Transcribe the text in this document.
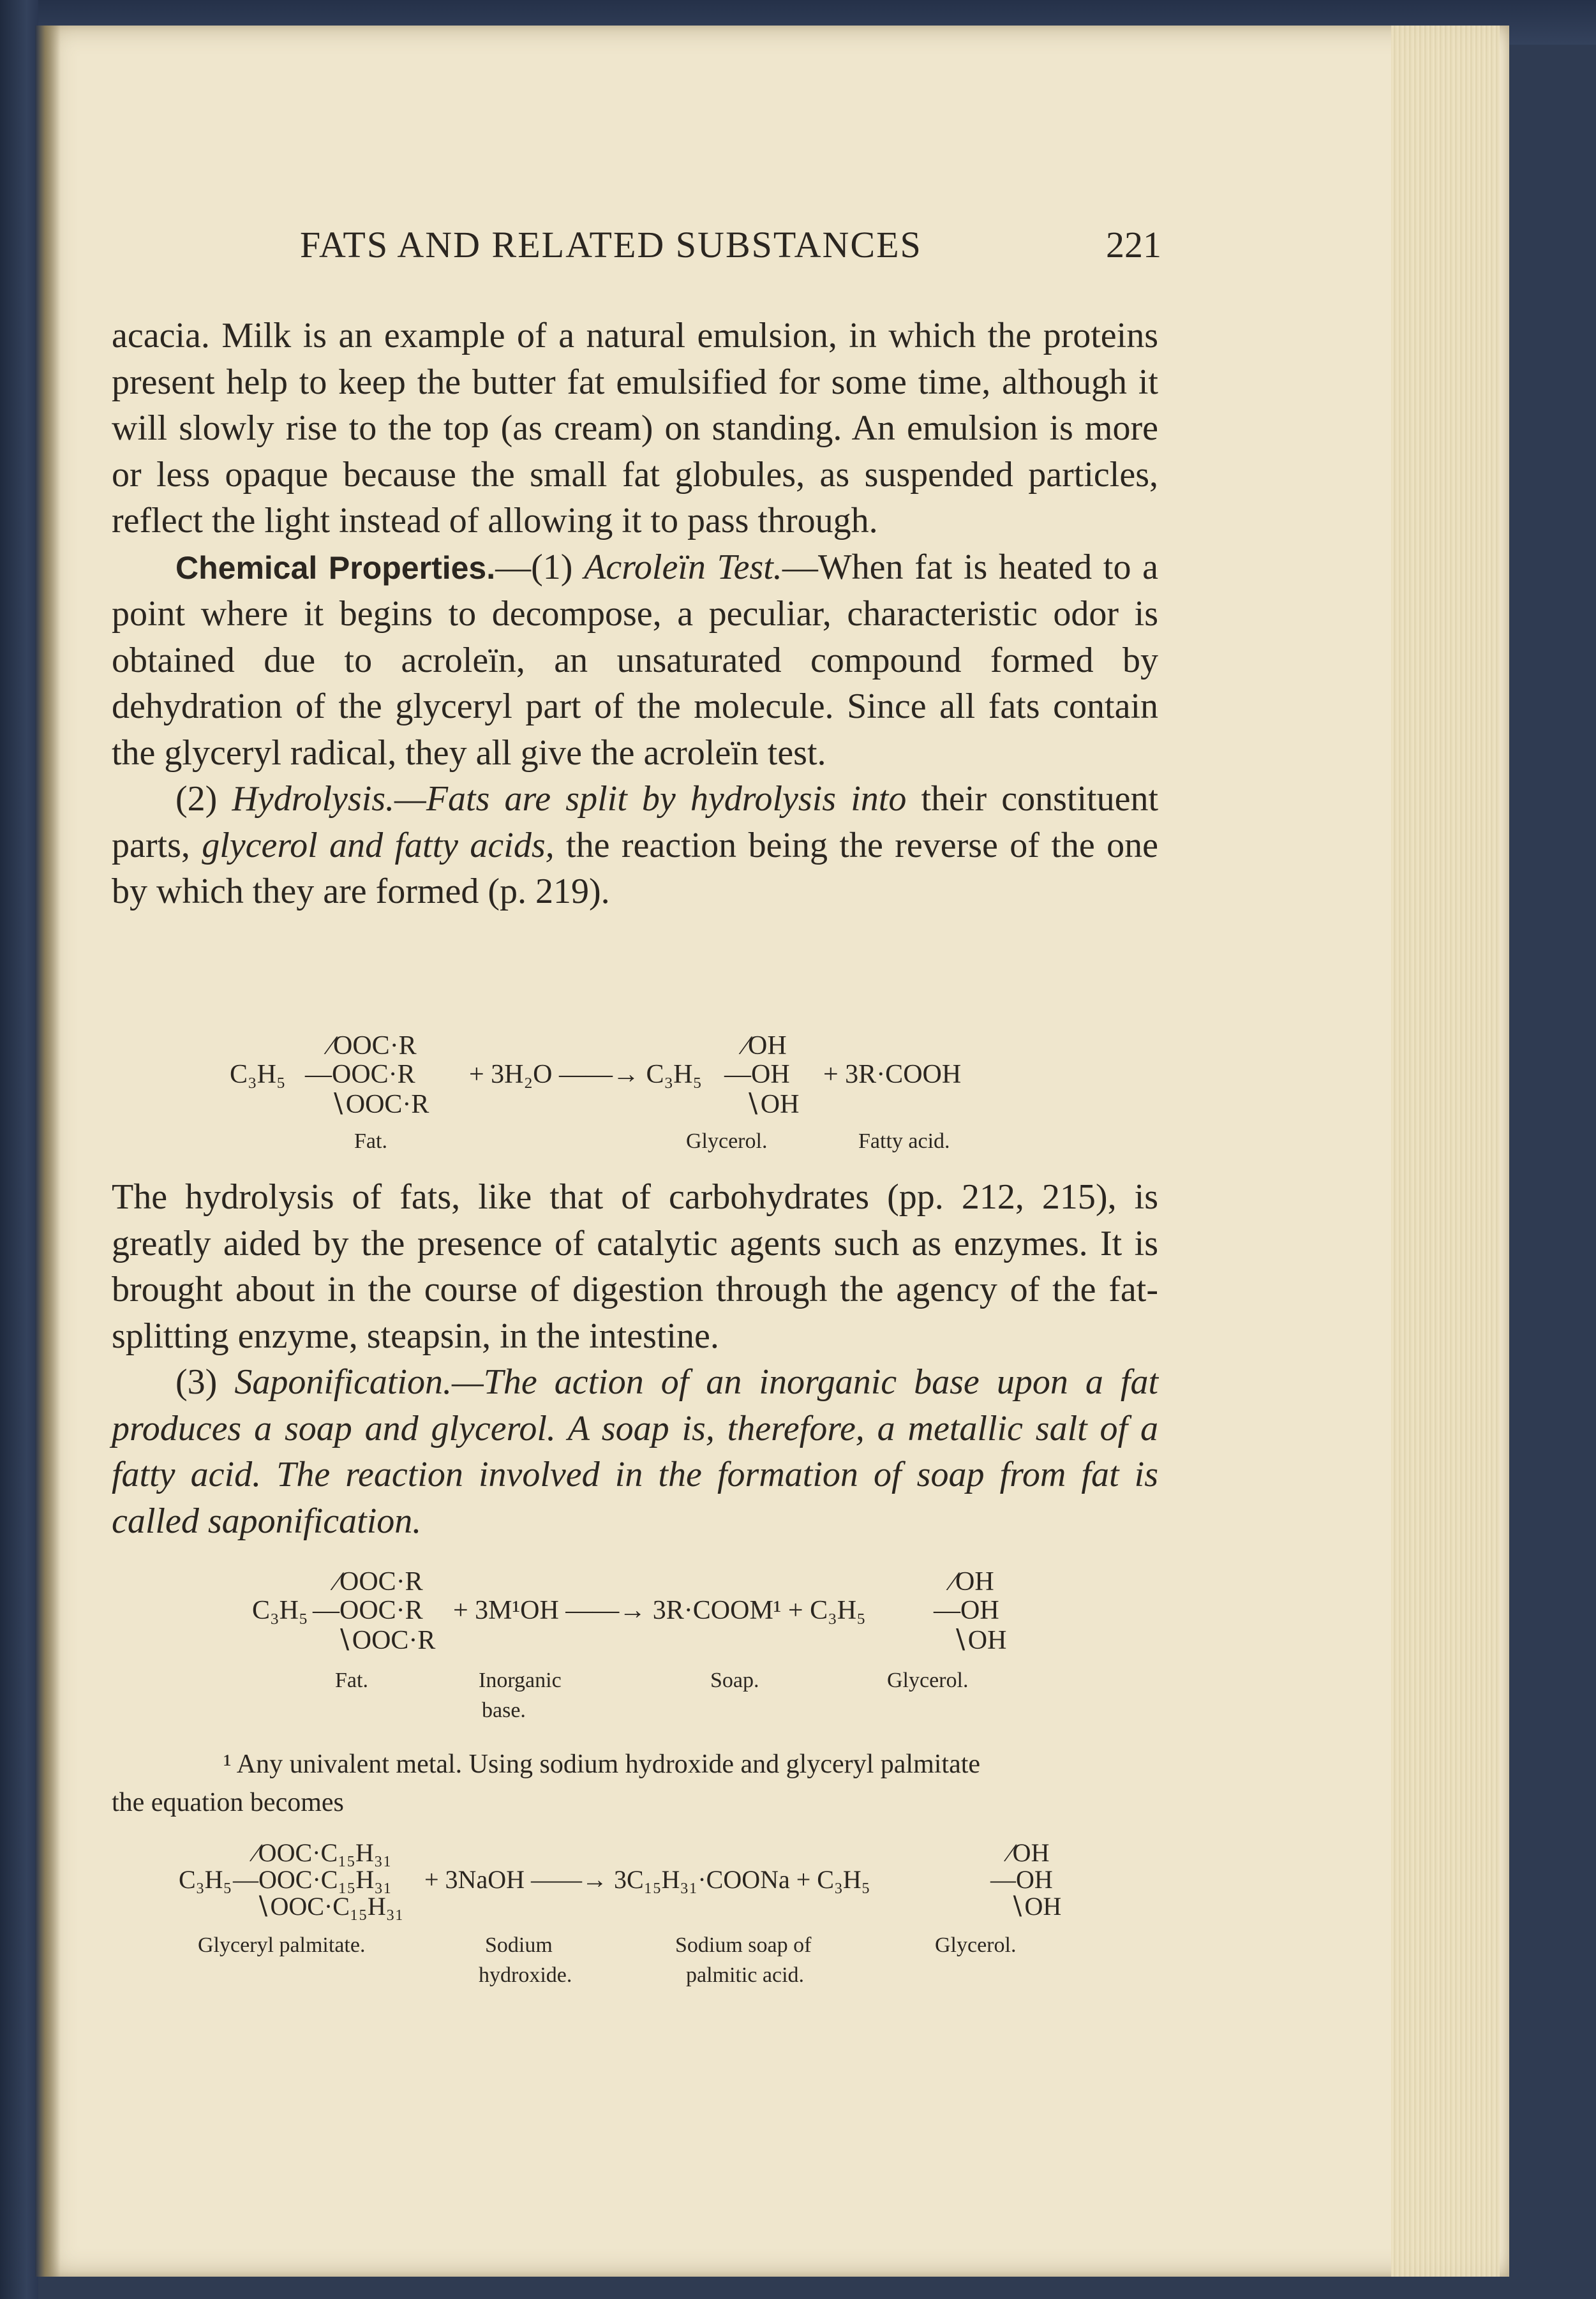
FATS AND RELATED SUBSTANCES	221

acacia. Milk is an example of a natural emulsion, in which the proteins present help to keep the butter fat emulsified for some time, although it will slowly rise to the top (as cream) on standing. An emulsion is more or less opaque because the small fat globules, as suspended particles, reflect the light instead of allowing it to pass through.

Chemical Properties.—(1) Acroleïn Test.—When fat is heated to a point where it begins to decompose, a peculiar, characteristic odor is obtained due to acroleïn, an unsaturated compound formed by dehydration of the glyceryl part of the molecule. Since all fats contain the glyceryl radical, they all give the acroleïn test.

(2) Hydrolysis.—Fats are split by hydrolysis into their constituent parts, glycerol and fatty acids, the reaction being the reverse of the one by which they are formed (p. 219).

∕OOC·R
C₃H₅ —OOC·R
∖OOC·R
+ 3H₂O ——→ C₃H₅
∕OH
—OH
∖OH
+ 3R·COOH
Fat.	Glycerol.	Fatty acid.

The hydrolysis of fats, like that of carbohydrates (pp. 212, 215), is greatly aided by the presence of catalytic agents such as enzymes. It is brought about in the course of digestion through the agency of the fat-splitting enzyme, steapsin, in the intestine.

(3) Saponification.—The action of an inorganic base upon a fat produces a soap and glycerol. A soap is, therefore, a metallic salt of a fatty acid. The reaction involved in the formation of soap from fat is called saponification.

∕OOC·R
C₃H₅ —OOC·R
∖OOC·R
+ 3M¹OH ——→ 3R·COOM¹ + C₃H₅
∕OH
—OH
∖OH
Fat.	Inorganic
base.
Soap.	Glycerol.
¹ Any univalent metal. Using sodium hydroxide and glyceryl palmitate
the equation becomes
∕OOC·C₁₅H₃₁
C₃H₅ —OOC·C₁₅H₃₁
∖OOC·C₁₅H₃₁
+ 3NaOH ——→ 3C₁₅H₃₁·COONa + C₃H₅
∕OH
—OH
∖OH
Glyceryl palmitate.	Sodium
hydroxide.
Sodium soap of
palmitic acid.
Glycerol.
